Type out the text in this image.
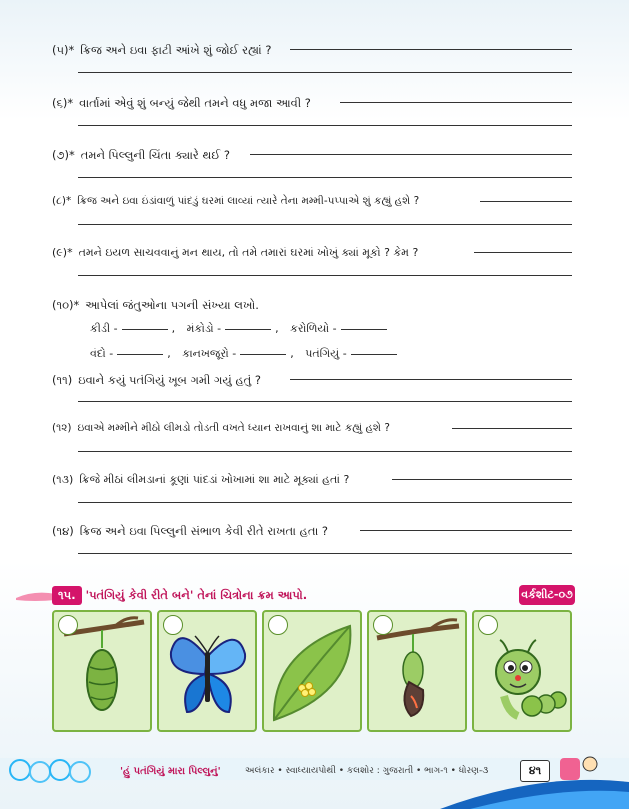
(૫)* ક્રિજ અને ઇવા ફાટી આંખે શું જોઈ રહ્યાં ?
(૬)* વાર્તામાં એવું શું બન્યું જેથી તમને વધુ મજા આવી ?
(૭)* તમને પિલ્લુની ચિંતા ક્યારે થઈ ?
(૮)* ક્રિજ અને ઇવા ઇંડાંવાળું પાંદડું ઘરમાં લાવ્યાં ત્યારે તેના મમ્મી-પપ્પાએ શું કહ્યું હશે ?
(૯)* તમને ઇયળ સાચવવાનું મન થાય, તો તમે તમારાં ઘરમાં ખોખું ક્યાં મૂકો ? કેમ ?
(૧૦)* આપેલાં જંતુઓના પગની સંખ્યા લખો.
કીડી -	, મંકોડો -	, કરોળિયો -
વંદો -	, કાનખજૂરો -	, પતંગિયું -
(૧૧) ઇવાને કયું પતંગિયું ખૂબ ગમી ગયું હતું ?
(૧૨) ઇવાએ મમ્મીને મીઠો લીમડો તોડતી વખતે ધ્યાન રાખવાનું શા માટે કહ્યું હશે ?
(૧૩) ક્રિજે મીઠાં લીમડાનાં કૂણાં પાંદડાં ખોખામાં શા માટે મૂક્યાં હતાં ?
(૧૪) ક્રિજ અને ઇવા પિલ્લુની સંભાળ કેવી રીતે રાખતા હતા ?
૧૫. 'પતંગિયું કેવી રીતે બને' તેનાં ચિત્રોના ક્રમ આપો.	વર્કશીટ-૦૭
'હું પતંગિયું મારા પિલ્લુનું'	અલંકાર • સ્વાધ્યાયપોથી • કલશોર : ગુજરાતી • ભાગ-૧ • ધોરણ-૩	૪૧
